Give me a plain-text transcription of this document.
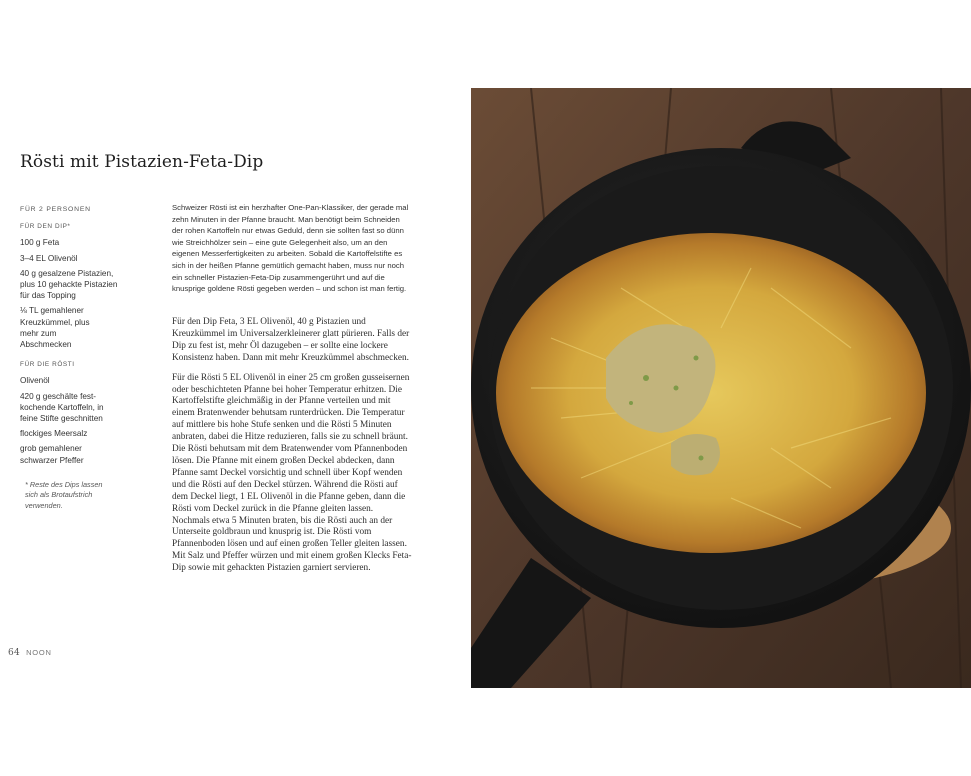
Rösti mit Pistazien-Feta-Dip
FÜR 2 PERSONEN
FÜR DEN DIP*
100 g Feta
3–4 EL Olivenöl
40 g gesalzene Pistazien, plus 10 gehackte Pistazien für das Topping
⅛ TL gemahlener Kreuzkümmel, plus mehr zum Abschmecken
FÜR DIE RÖSTI
Olivenöl
420 g geschälte fest-kochende Kartoffeln, in feine Stifte geschnitten
flockiges Meersalz
grob gemahlener schwarzer Pfeffer
* Reste des Dips lassen sich als Brotaufstrich verwenden.

Schweizer Rösti ist ein herzhafter One-Pan-Klassiker, der gerade mal zehn Minuten in der Pfanne braucht. Man benötigt beim Schneiden der rohen Kartoffeln nur etwas Geduld, denn sie sollten fast so dünn wie Streichhölzer sein – eine gute Gelegenheit also, um an den eigenen Messerfertigkeiten zu arbeiten. Sobald die Kartoffelstifte es sich in der heißen Pfanne gemütlich gemacht haben, muss nur noch ein schneller Pistazien-Feta-Dip zusammengerührt und auf die knusprige goldene Rösti gegeben werden – und schon ist man fertig.

Für den Dip Feta, 3 EL Olivenöl, 40 g Pistazien und Kreuzkümmel im Universalzerkleinerer glatt pürieren. Falls der Dip zu fest ist, mehr Öl dazugeben – er sollte eine lockere Konsistenz haben. Dann mit mehr Kreuzkümmel abschmecken.

Für die Rösti 5 EL Olivenöl in einer 25 cm großen gusseisernen oder beschichteten Pfanne bei hoher Temperatur erhitzen. Die Kartoffelstifte gleichmäßig in der Pfanne verteilen und mit einem Bratenwender behutsam runterdrücken. Die Temperatur auf mittlere bis hohe Stufe senken und die Rösti 5 Minuten anbraten, dabei die Hitze reduzieren, falls sie zu schnell bräunt. Die Rösti behutsam mit dem Bratenwender vom Pfannenboden lösen. Die Pfanne mit einem großen Deckel abdecken, dann Pfanne samt Deckel vorsichtig und schnell über Kopf wenden und die Rösti auf den Deckel stürzen. Während die Rösti auf dem Deckel liegt, 1 EL Olivenöl in die Pfanne geben, dann die Rösti vom Deckel zurück in die Pfanne gleiten lassen. Nochmals etwa 5 Minuten braten, bis die Rösti auch an der Unterseite goldbraun und knusprig ist. Die Rösti vom Pfannenboden lösen und auf einen großen Teller gleiten lassen. Mit Salz und Pfeffer würzen und mit einem großen Klecks Feta-Dip sowie mit gehackten Pistazien garniert servieren.

64 NOON
